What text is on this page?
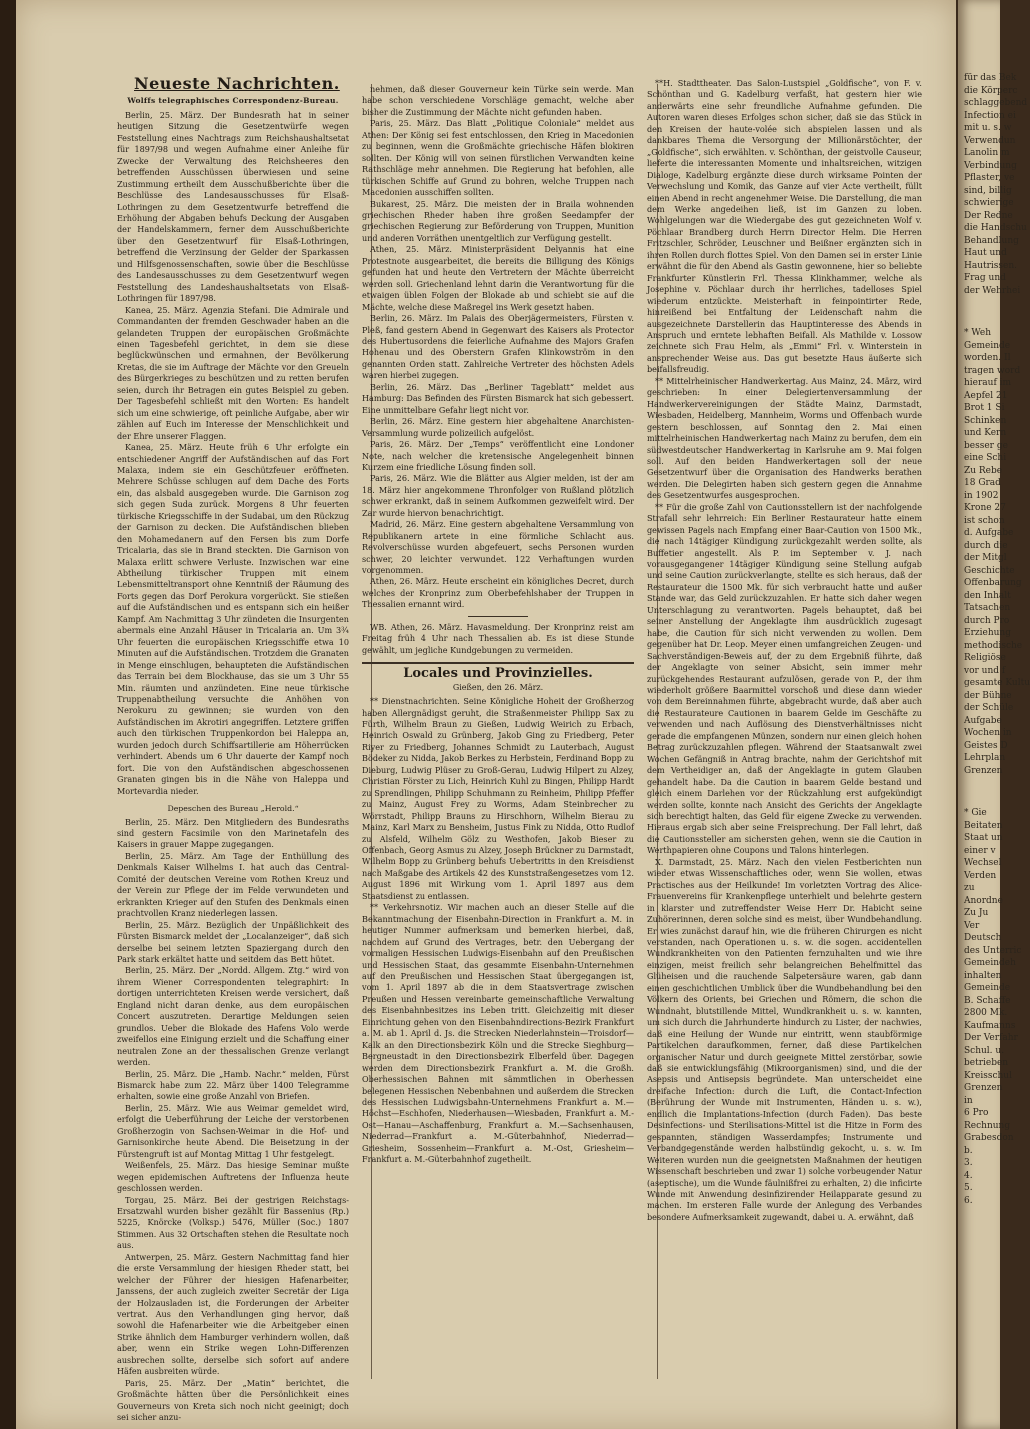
Neueste Nachrichten.
Wolffs telegraphisches Correspondenz-Bureau.

Berlin, 25. März. Der Bundesrath hat in seiner heutigen Sitzung die Gesetzentwürfe wegen Feststellung eines Nachtrags zum Reichshaushaltsetat für 1897/98 und wegen Aufnahme einer Anleihe für Zwecke der Verwaltung des Reichsheeres den betreffenden Ausschüssen überwiesen und seine Zustimmung ertheilt dem Ausschußberichte über die Beschlüsse des Landesausschusses für Elsaß-Lothringen zu dem Gesetzentwurfe betreffend die Erhöhung der Abgaben behufs Deckung der Ausgaben der Handelskammern, ferner dem Ausschußberichte über den Gesetzentwurf für Elsaß-Lothringen, betreffend die Verzinsung der Gelder der Sparkassen und Hilfsgenossenschaften, sowie über die Beschlüsse des Landesausschusses zu dem Gesetzentwurf wegen Feststellung des Landeshaushaltsetats von Elsaß-Lothringen für 1897/98.

Kanea, 25. März. Agenzia Stefani. Die Admirale und Commandanten der fremden Geschwader haben an die gelandeten Truppen der europäischen Großmächte einen Tagesbefehl gerichtet, in dem sie diese beglückwünschen und ermahnen, der Bevölkerung Kretas, die sie im Auftrage der Mächte vor den Greueln des Bürgerkrieges zu beschützen und zu retten berufen seien, durch ihr Betragen ein gutes Beispiel zu geben. Der Tagesbefehl schließt mit den Worten: Es handelt sich um eine schwierige, oft peinliche Aufgabe, aber wir zählen auf Euch im Interesse der Menschlichkeit und der Ehre unserer Flaggen.

Kanea, 25. März. Heute früh 6 Uhr erfolgte ein entschiedener Angriff der Aufständischen auf das Fort Malaxa, indem sie ein Geschützfeuer eröffneten. Mehrere Schüsse schlugen auf dem Dache des Forts ein, das alsbald ausgegeben wurde. Die Garnison zog sich gegen Suda zurück. Morgens 8 Uhr feuerten türkische Kriegsschiffe in der Sudabai, um den Rückzug der Garnison zu decken. Die Aufständischen blieben den Mohamedanern auf den Fersen bis zum Dorfe Tricalaria, das sie in Brand steckten. Die Garnison von Malaxa erlitt schwere Verluste. Inzwischen war eine Abtheilung türkischer Truppen mit einem Lebensmitteltransport ohne Kenntniß der Räumung des Forts gegen das Dorf Perokura vorgerückt. Sie stießen auf die Aufständischen und es entspann sich ein heißer Kampf. Am Nachmittag 3 Uhr zündeten die Insurgenten abermals eine Anzahl Häuser in Tricalaria an. Um 3¾ Uhr feuerten die europäischen Kriegsschiffe etwa 10 Minuten auf die Aufständischen. Trotzdem die Granaten in Menge einschlugen, behaupteten die Aufständischen das Terrain bei dem Blockhause, das sie um 3 Uhr 55 Min. räumten und anzündeten. Eine neue türkische Truppenabtheilung versuchte die Anhöhen von Nerokuru zu gewinnen; sie wurden von den Aufständischen im Akrotiri angegriffen. Letztere griffen auch den türkischen Truppenkordon bei Haleppa an, wurden jedoch durch Schiffsartillerie am Höherrücken verhindert. Abends um 6 Uhr dauerte der Kampf noch fort. Die von den Aufständischen abgeschossenen Granaten gingen bis in die Nähe von Haleppa und Mortevardia nieder.

Depeschen des Bureau „Herold.“

Berlin, 25. März. Den Mitgliedern des Bundesraths sind gestern Facsimile von den Marinetafeln des Kaisers in grauer Mappe zugegangen.

Berlin, 25. März. Am Tage der Enthüllung des Denkmals Kaiser Wilhelms I. hat auch das Central-Comité der deutschen Vereine vom Rothen Kreuz und der Verein zur Pflege der im Felde verwundeten und erkrankten Krieger auf den Stufen des Denkmals einen prachtvollen Kranz niederlegen lassen.

Berlin, 25. März. Bezüglich der Unpäßlichkeit des Fürsten Bismarck meldet der „Localanzeiger“, daß sich derselbe bei seinem letzten Spaziergang durch den Park stark erkältet hatte und seitdem das Bett hütet.

Berlin, 25. März. Der „Nordd. Allgem. Ztg.“ wird von ihrem Wiener Correspondenten telegraphirt: In dortigen unterrichteten Kreisen werde versichert, daß England nicht daran denke, aus dem europäischen Concert auszutreten. Derartige Meldungen seien grundlos. Ueber die Blokade des Hafens Volo werde zweifellos eine Einigung erzielt und die Schaffung einer neutralen Zone an der thessalischen Grenze verlangt werden.

Berlin, 25. März. Die „Hamb. Nachr.“ melden, Fürst Bismarck habe zum 22. März über 1400 Telegramme erhalten, sowie eine große Anzahl von Briefen.

Berlin, 25. März. Wie aus Weimar gemeldet wird, erfolgt die Ueberführung der Leiche der verstorbenen Großherzogin von Sachsen-Weimar in die Hof- und Garnisonkirche heute Abend. Die Beisetzung in der Fürstengruft ist auf Montag Mittag 1 Uhr festgelegt.

Weißenfels, 25. März. Das hiesige Seminar mußte wegen epidemischen Auftretens der Influenza heute geschlossen werden.

Torgau, 25. März. Bei der gestrigen Reichstags-Ersatzwahl wurden bisher gezählt für Bassenius (Rp.) 5225, Knörcke (Volksp.) 5476, Müller (Soc.) 1807 Stimmen. Aus 32 Ortschaften stehen die Resultate noch aus.

Antwerpen, 25. März. Gestern Nachmittag fand hier die erste Versammlung der hiesigen Rheder statt, bei welcher der Führer der hiesigen Hafenarbeiter, Janssens, der auch zugleich zweiter Secretär der Liga der Holzausladen ist, die Forderungen der Arbeiter vertrat. Aus den Verhandlungen ging hervor, daß sowohl die Hafenarbeiter wie die Arbeitgeber einen Strike ähnlich dem Hamburger verhindern wollen, daß aber, wenn ein Strike wegen Lohn-Differenzen ausbrechen sollte, derselbe sich sofort auf andere Häfen ausbreiten würde.

Paris, 25. März. Der „Matin“ berichtet, die Großmächte hätten über die Persönlichkeit eines Gouverneurs von Kreta sich noch nicht geeinigt; doch sei sicher anzu-

nehmen, daß dieser Gouverneur kein Türke sein werde. Man habe schon verschiedene Vorschläge gemacht, welche aber bisher die Zustimmung der Mächte nicht gefunden haben.

Paris, 25. März. Das Blatt „Politique Coloniale“ meldet aus Athen: Der König sei fest entschlossen, den Krieg in Macedonien zu beginnen, wenn die Großmächte griechische Häfen blokiren sollten. Der König will von seinen fürstlichen Verwandten keine Rathschläge mehr annehmen. Die Regierung hat befohlen, alle türkischen Schiffe auf Grund zu bohren, welche Truppen nach Macedonien ausschiffen sollten.

Bukarest, 25. März. Die meisten der in Braila wohnenden griechischen Rheder haben ihre großen Seedampfer der griechischen Regierung zur Beförderung von Truppen, Munition und anderen Vorräthen unentgeltlich zur Verfügung gestellt.

Athen, 25. März. Ministerpräsident Delyannis hat eine Protestnote ausgearbeitet, die bereits die Billigung des Königs gefunden hat und heute den Vertretern der Mächte überreicht werden soll. Griechenland lehnt darin die Verantwortung für die etwaigen üblen Folgen der Blokade ab und schiebt sie auf die Mächte, welche diese Maßregel ins Werk gesetzt haben.

Berlin, 26. März. Im Palais des Oberjägermeisters, Fürsten v. Pleß, fand gestern Abend in Gegenwart des Kaisers als Protector des Hubertusordens die feierliche Aufnahme des Majors Grafen Hohenau und des Oberstern Grafen Klinkowström in den genannten Orden statt. Zahlreiche Vertreter des höchsten Adels waren hierbei zugegen.

Berlin, 26. März. Das „Berliner Tageblatt“ meldet aus Hamburg: Das Befinden des Fürsten Bismarck hat sich gebessert. Eine unmittelbare Gefahr liegt nicht vor.

Berlin, 26. März. Eine gestern hier abgehaltene Anarchisten-Versammlung wurde polizeilich aufgelöst.

Paris, 26. März. Der „Temps“ veröffentlicht eine Londoner Note, nach welcher die kretensische Angelegenheit binnen Kurzem eine friedliche Lösung finden soll.

Paris, 26. März. Wie die Blätter aus Algier melden, ist der am 18. März hier angekommene Thronfolger von Rußland plötzlich schwer erkrankt, daß in seinem Aufkommen gezweifelt wird. Der Zar wurde hiervon benachrichtigt.

Madrid, 26. März. Eine gestern abgehaltene Versammlung von Republikanern artete in eine förmliche Schlacht aus. Revolverschüsse wurden abgefeuert, sechs Personen wurden schwer, 20 leichter verwundet. 122 Verhaftungen wurden vorgenommen.

Athen, 26. März. Heute erscheint ein königliches Decret, durch welches der Kronprinz zum Oberbefehlshaber der Truppen in Thessalien ernannt wird.

WB. Athen, 26. März. Havasmeldung. Der Kronprinz reist am Freitag früh 4 Uhr nach Thessalien ab. Es ist diese Stunde gewählt, um jegliche Kundgebungen zu vermeiden.

Locales und Provinzielles.
Gießen, den 26. März.

** Dienstnachrichten. Seine Königliche Hoheit der Großherzog haben Allergnädigst geruht, die Straßenmeister Philipp Sax zu Fürth, Wilhelm Braun zu Gießen, Ludwig Weirich zu Erbach, Heinrich Oswald zu Grünberg, Jakob Ging zu Friedberg, Peter Riyer zu Friedberg, Johannes Schmidt zu Lauterbach, August Bödeker zu Nidda, Jakob Berkes zu Herbstein, Ferdinand Bopp zu Dieburg, Ludwig Plüser zu Groß-Gerau, Ludwig Hilpert zu Alzey, Christian Förster zu Lich, Heinrich Kuhl zu Bingen, Philipp Hardt zu Sprendlingen, Philipp Schuhmann zu Reinheim, Philipp Pfeffer zu Mainz, August Frey zu Worms, Adam Steinbrecher zu Wörrstadt, Philipp Brauns zu Hirschhorn, Wilhelm Bierau zu Mainz, Karl Marx zu Bensheim, Justus Fink zu Nidda, Otto Rudlof zu Alsfeld, Wilhelm Gölz zu Westhofen, Jakob Bieser zu Offenbach, Georg Asmus zu Alzey, Joseph Brückner zu Darmstadt, Wilhelm Bopp zu Grünberg behufs Uebertritts in den Kreisdienst nach Maßgabe des Artikels 42 des Kunststraßengesetzes vom 12. August 1896 mit Wirkung vom 1. April 1897 aus dem Staatsdienst zu entlassen.

** Verkehrsnotiz. Wir machen auch an dieser Stelle auf die Bekanntmachung der Eisenbahn-Direction in Frankfurt a. M. in heutiger Nummer aufmerksam und bemerken hierbei, daß, nachdem auf Grund des Vertrages, betr. den Uebergang der vormaligen Hessischen Ludwigs-Eisenbahn auf den Preußischen und Hessischen Staat, das gesammte Eisenbahn-Unternehmen auf den Preußischen und Hessischen Staat übergegangen ist, vom 1. April 1897 ab die in dem Staatsvertrage zwischen Preußen und Hessen vereinbarte gemeinschaftliche Verwaltung des Eisenbahnbesitzes ins Leben tritt. Gleichzeitig mit dieser Einrichtung gehen von den Eisenbahndirections-Bezirk Frankfurt a. M. ab 1. April d. Js. die Strecken Niederlahnstein—Troisdorf—Kalk an den Directionsbezirk Köln und die Strecke Sieghburg—Bergneustadt in den Directionsbezirk Elberfeld über. Dagegen werden dem Directionsbezirk Frankfurt a. M. die Großh. Oberhessischen Bahnen mit sämmtlichen in Oberhessen belegenen Hessischen Nebenbahnen und außerdem die Strecken des Hessischen Ludwigsbahn-Unternehmens Frankfurt a. M.—Höchst—Eschhofen, Niederhausen—Wiesbaden, Frankfurt a. M.-Ost—Hanau—Aschaffenburg, Frankfurt a. M.—Sachsenhausen, Niederrad—Frankfurt a. M.-Güterbahnhof, Niederrad—Griesheim, Sossenheim—Frankfurt a. M.-Ost, Griesheim—Frankfurt a. M.-Güterbahnhof zugetheilt.

**H. Stadttheater. Das Salon-Lustspiel „Goldfische“, von F. v. Schönthan und G. Kadelburg verfaßt, hat gestern hier wie anderwärts eine sehr freundliche Aufnahme gefunden. Die Autoren waren dieses Erfolges schon sicher, daß sie das Stück in den Kreisen der haute-volée sich abspielen lassen und als dankbares Thema die Versorgung der Millionärstöchter, der „Goldfische“, sich erwählten. v. Schönthan, der geistvolle Causeur, lieferte die interessanten Momente und inhaltsreichen, witzigen Dialoge, Kadelburg ergänzte diese durch wirksame Pointen der Verwechslung und Komik, das Ganze auf vier Acte vertheilt, füllt einen Abend in recht angenehmer Weise. Die Darstellung, die man dem Werke angedeihen ließ, ist im Ganzen zu loben. Wohlgelungen war die Wiedergabe des gut gezeichneten Wolf v. Pöchlaar Brandberg durch Herrn Director Helm. Die Herren Fritzschler, Schröder, Leuschner und Beißner ergänzten sich in ihren Rollen durch flottes Spiel. Von den Damen sei in erster Linie erwähnt die für den Abend als Gastin gewonnene, hier so beliebte Frankfurter Künstlerin Frl. Thessa Klinkhammer, welche als Josephine v. Pöchlaar durch ihr herrliches, tadelloses Spiel wiederum entzückte. Meisterhaft in feinpointirter Rede, hinreißend bei Entfaltung der Leidenschaft nahm die ausgezeichnete Darstellerin das Hauptinteresse des Abends in Anspruch und erntete lebhaften Beifall. Als Mathilde v. Lossow zeichnete sich Frau Helm, als „Emmi“ Frl. v. Winterstein in ansprechender Weise aus. Das gut besetzte Haus äußerte sich beifallsfreudig.

** Mittelrheinischer Handwerkertag. Aus Mainz, 24. März, wird geschrieben: In einer Delegiertenversammlung der Handwerkervereinigungen der Städte Mainz, Darmstadt, Wiesbaden, Heidelberg, Mannheim, Worms und Offenbach wurde gestern beschlossen, auf Sonntag den 2. Mai einen mittelrheinischen Handwerkertag nach Mainz zu berufen, dem ein südwestdeutscher Handwerkertag in Karlsruhe am 9. Mai folgen soll. Auf den beiden Handwerkertagen soll der neue Gesetzentwurf über die Organisation des Handwerks berathen werden. Die Delegirten haben sich gestern gegen die Annahme des Gesetzentwurfes ausgesprochen.

** Für die große Zahl von Cautionsstellern ist der nachfolgende Strafall sehr lehrreich: Ein Berliner Restaurateur hatte einem gewissen Pagels nach Empfang einer Baar-Caution von 1500 Mk., die nach 14tägiger Kündigung zurückgezahlt werden sollte, als Buffetier angestellt. Als P. im September v. J. nach vorausgegangener 14tägiger Kündigung seine Stellung aufgab und seine Caution zurückverlangte, stellte es sich heraus, daß der Restaurateur die 1500 Mk. für sich verbraucht hatte und außer Stande war, das Geld zurückzuzahlen. Er hatte sich daher wegen Unterschlagung zu verantworten. Pagels behauptet, daß bei seiner Anstellung der Angeklagte ihm ausdrücklich zugesagt habe, die Caution für sich nicht verwenden zu wollen. Dem gegenüber hat Dr. Leop. Meyer einen umfangreichen Zeugen- und Sachverständigen-Beweis auf, der zu dem Ergebniß führte, daß der Angeklagte von seiner Absicht, sein immer mehr zurückgehendes Restaurant aufzulösen, gerade von P., der ihm wiederholt größere Baarmittel vorschoß und diese dann wieder von dem Bereinnahmen führte, abgebracht wurde, daß aber auch die Restaurateure Cautionen in baarem Gelde im Geschäfte zu verwenden und nach Auflösung des Dienstverhältnisses nicht gerade die empfangenen Münzen, sondern nur einen gleich hohen Betrag zurückzuzahlen pflegen. Während der Staatsanwalt zwei Wochen Gefängniß in Antrag brachte, nahm der Gerichtshof mit dem Vertheidiger an, daß der Angeklagte in gutem Glauben gehandelt habe. Da die Caution in baarem Gelde bestand und gleich einem Darlehen vor der Rückzahlung erst aufgekündigt werden sollte, konnte nach Ansicht des Gerichts der Angeklagte sich berechtigt halten, das Geld für eigene Zwecke zu verwenden. Hieraus ergab sich aber seine Freisprechung. Der Fall lehrt, daß die Cautionssteller am sichersten gehen, wenn sie die Caution in Werthpapieren ohne Coupons und Talons hinterlegen.

X. Darmstadt, 25. März. Nach den vielen Festberichten nun wieder etwas Wissenschaftliches oder, wenn Sie wollen, etwas Practisches aus der Heilkunde! Im vorletzten Vortrag des Alice-Frauenvereins für Krankenpflege unterhielt und belehrte gestern in klarster und zutreffendster Weise Herr Dr. Habicht seine Zuhörerinnen, deren solche sind es meist, über Wundbehandlung. Er wies zunächst darauf hin, wie die früheren Chirurgen es nicht verstanden, nach Operationen u. s. w. die sogen. accidentellen Wundkrankheiten von den Patienten fernzuhalten und wie ihre einzigen, meist freilich sehr belangreichen Behelfmittel das Glüheisen und die rauchende Salpetersäure waren, gab dann einen geschichtlichen Umblick über die Wundbehandlung bei den Völkern des Orients, bei Griechen und Römern, die schon die Wundnaht, blutstillende Mittel, Wundkrankheit u. s. w. kannten, um sich durch die Jahrhunderte hindurch zu Lister, der nachwies, daß eine Heilung der Wunde nur eintritt, wenn staubförmige Partikelchen daraufkommen, ferner, daß diese Partikelchen organischer Natur und durch geeignete Mittel zerstörbar, sowie daß sie entwicklungsfähig (Mikroorganismen) sind, und die der Asepsis und Antisepsis begründete. Man unterscheidet eine dreifache Infection: durch die Luft, die Contact-Infection (Berührung der Wunde mit Instrumenten, Händen u. s. w.), endlich die Implantations-Infection (durch Faden). Das beste Desinfections- und Sterilisations-Mittel ist die Hitze in Form des gespannten, ständigen Wasserdampfes; Instrumente und Verbandgegenstände werden halbstündig gekocht, u. s. w. Im Weiteren wurden nun die geeignetsten Maßnahmen der heutigen Wissenschaft beschrieben und zwar 1) solche vorbeugender Natur (aseptische), um die Wunde fäulnißfrei zu erhalten, 2) die inficirte Wunde mit Anwendung desinfizirender Heilapparate gesund zu machen. Im ersteren Falle wurde der Anlegung des Verbandes besondere Aufmerksamkeit zugewandt, dabei u. A. erwähnt, daß

für das Bek
die Körperc
schlaggebend
Infection ei
mit u. s. w
Verwendun
Lanolin m
Verbindung
Pflaster, ve
sind, billig
schwierige
Der Redne
die Handschu
Behandlung
Haut und
Hautrissen.
Frag und
der Wehrhei
* Weh
Gemeinde
worden. Il
tragen word
hierauf im
Aepfel 21
Brot 1 Si
Schinken
und Kern
besser ge
eine Schi
Zu Rebe
18 Grad
in 1902
Krone 27
ist schon
d. Aufgabe
durch die
der Mitgl
Geschichte
Offenbarung
den Inhalt
Tatsachen
durch Pro
Erziehung
methodische
Religiöse
vor und f
gesamte Kultu
der Bühne
der Schüle
Aufgabe
Wochen in
Geistes D
Lehrplan
Grenzen
* Gie
Beitaten
Staat un
einer v
Wechsel
Verden
zu
Anordne
Zu Ju
Ver
Deutsch
des Unterric
Gemeindeh
inhalten
Gemeinde
B. Schaffe
2800 Mk.
Kaufmanns
Der Verfahr
Schul. u.
betrieben
Kreisschul
Grenzen
in
6 Pro
Rechnung
Grabesdon
b.
3.
4.
5.
6.
